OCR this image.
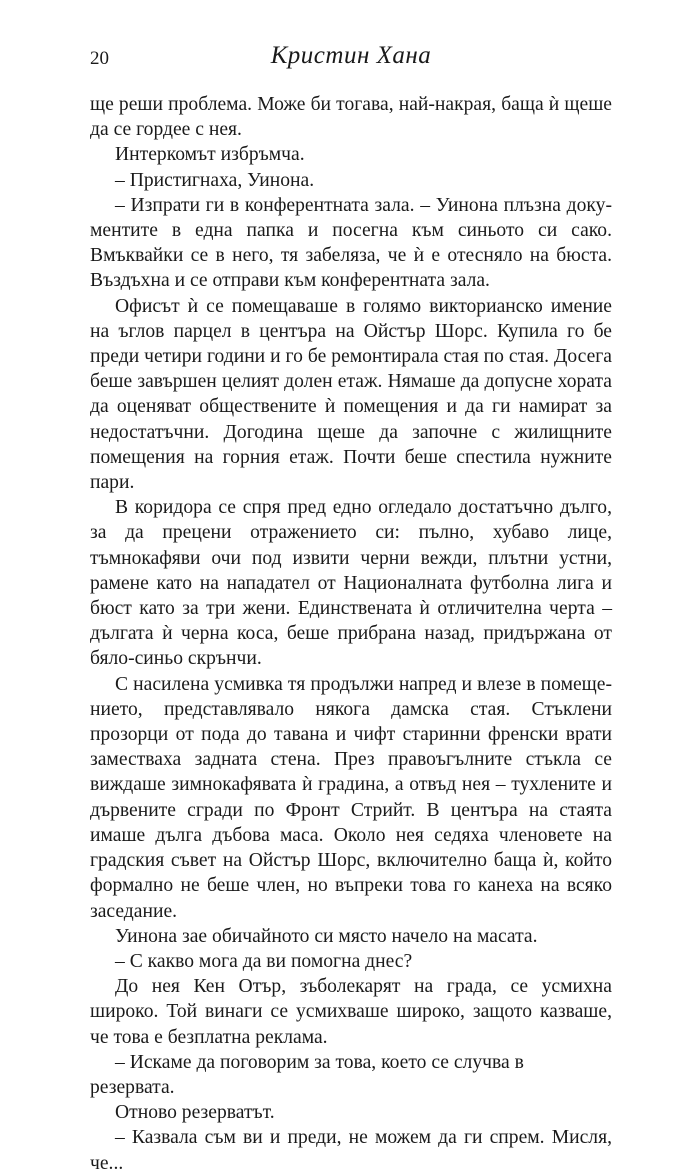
20	Кристин Хана

ще реши проблема. Може би тогава, най-накрая, баща ѝ щеше да се гордее с нея.

Интеркомът избръмча.

– Пристигнаха, Уинона.

– Изпрати ги в конферентната зала. – Уинона плъзна документите в една папка и посегна към синьото си сако. Вмъквайки се в него, тя забеляза, че ѝ е отесняло на бюста. Въздъхна и се отправи към конферентната зала.

Офисът ѝ се помещаваше в голямо викторианско имение на ъглов парцел в центъра на Ойстър Шорс. Купила го бе преди четири години и го бе ремонтирала стая по стая. Досега беше завършен целият долен етаж. Нямаше да допусне хората да оценяват обществените ѝ помещения и да ги намират за недостатъчни. Догодина щеше да започне с жилищните помещения на горния етаж. Почти беше спестила нужните пари.

В коридора се спря пред едно огледало достатъчно дълго, за да прецени отражението си: пълно, хубаво лице, тъмнокафяви очи под извити черни вежди, плътни устни, рамене като на нападател от Националната футболна лига и бюст като за три жени. Единствената ѝ отличителна черта – дългата ѝ черна коса, беше прибрана назад, придържана от бяло-синьо скрънчи.

С насилена усмивка тя продължи напред и влезе в помещението, представлявало някога дамска стая. Стъклени прозорци от пода до тавана и чифт старинни френски врати заместваха задната стена. През правоъгълните стъкла се виждаше зимнокафявата ѝ градина, а отвъд нея – тухлените и дървените сгради по Фронт Стрийт. В центъра на стаята имаше дълга дъбова маса. Около нея седяха членовете на градския съвет на Ойстър Шорс, включително баща ѝ, който формално не беше член, но въпреки това го канеха на всяко заседание.

Уинона зае обичайното си място начело на масата.

– С какво мога да ви помогна днес?

До нея Кен Отър, зъболекарят на града, се усмихна широко. Той винаги се усмихваше широко, защото казваше, че това е безплатна реклама.

– Искаме да поговорим за това, което се случва в резервата.

Отново резерватът.

– Казвала съм ви и преди, не можем да ги спрем. Мисля, че...
